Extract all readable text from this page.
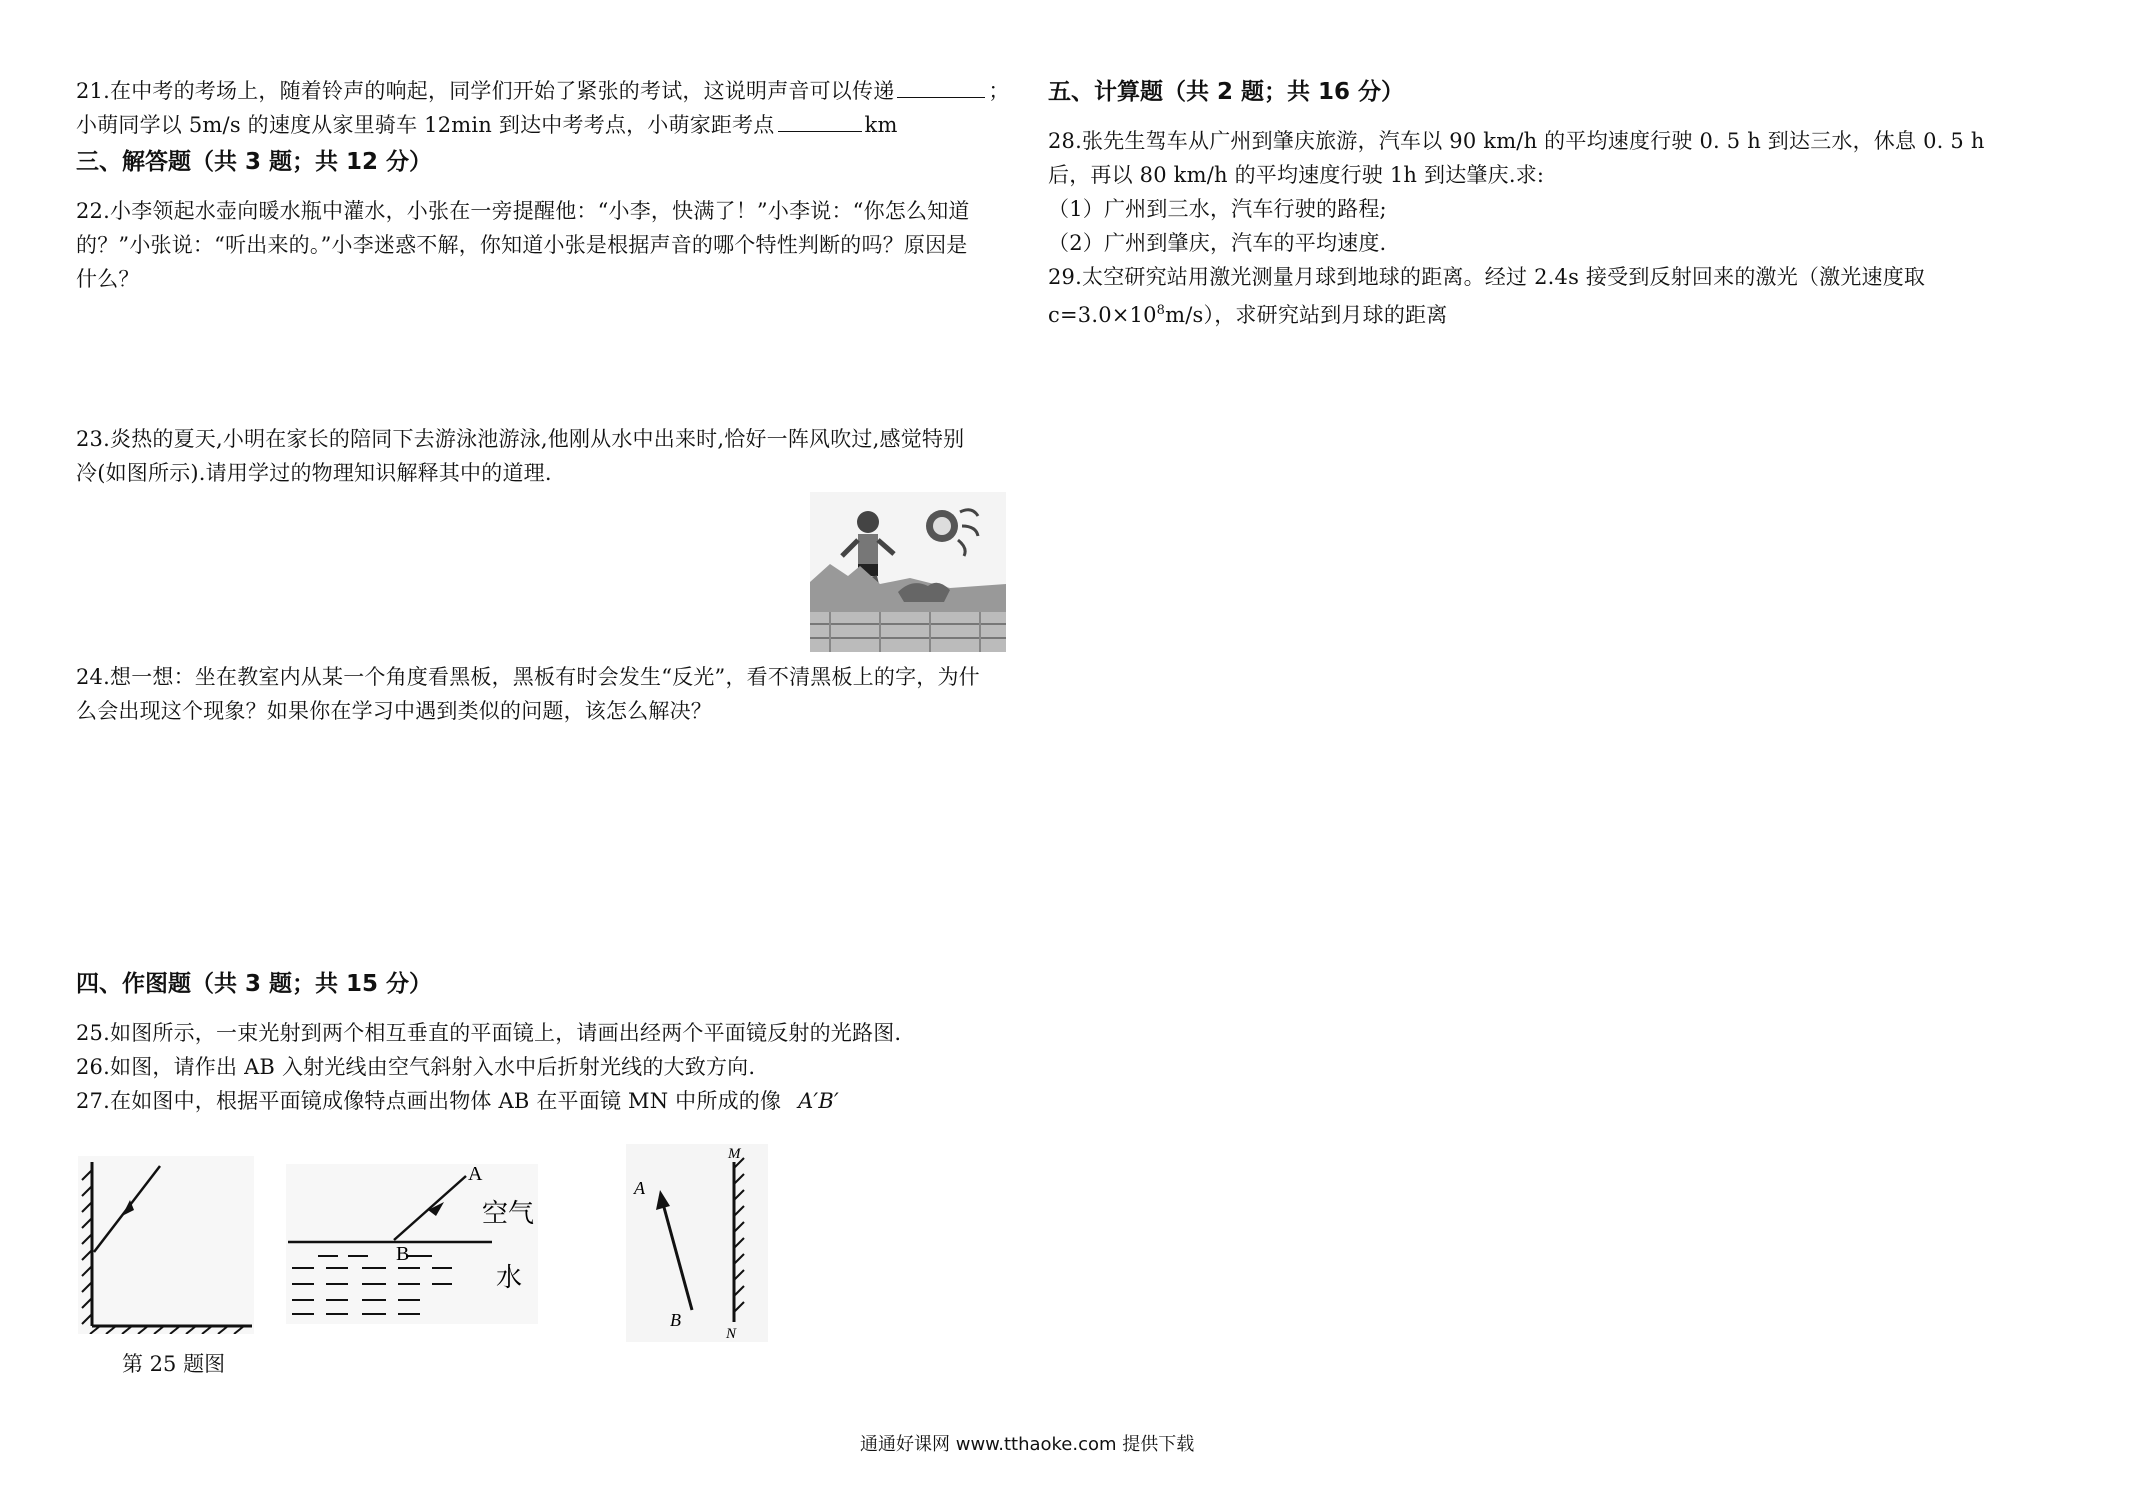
21.在中考的考场上，随着铃声的响起，同学们开始了紧张的考试，这说明声音可以传递	；
小萌同学以 5m/s 的速度从家里骑车 12min 到达中考考点，小萌家距考点	km
三、解答题（共 3 题；共 12 分）
22.小李领起水壶向暖水瓶中灌水，小张在一旁提醒他：“小李，快满了！”小李说：“你怎么知道
的？”小张说：“听出来的。”小李迷惑不解，你知道小张是根据声音的哪个特性判断的吗？原因是
什么？
23.炎热的夏天,小明在家长的陪同下去游泳池游泳,他刚从水中出来时,恰好一阵风吹过,感觉特别
冷(如图所示).请用学过的物理知识解释其中的道理.
24.想一想：坐在教室内从某一个角度看黑板，黑板有时会发生“反光”，看不清黑板上的字，为什
么会出现这个现象？如果你在学习中遇到类似的问题，该怎么解决？
四、作图题（共 3 题；共 15 分）
25.如图所示，一束光射到两个相互垂直的平面镜上，请画出经两个平面镜反射的光路图.
26.如图，请作出 AB 入射光线由空气斜射入水中后折射光线的大致方向.
27.在如图中，根据平面镜成像特点画出物体 AB 在平面镜 MN 中所成的像 A′B′
第 25 题图
A
B
空气
水
A
B
M
N
五、计算题（共 2 题；共 16 分）
28.张先生驾车从广州到肇庆旅游，汽车以 90 km/h 的平均速度行驶 0. 5 h 到达三水，休息 0. 5 h
后，再以 80 km/h 的平均速度行驶 1h 到达肇庆.求:
（1）广州到三水，汽车行驶的路程;
（2）广州到肇庆，汽车的平均速度.
29.太空研究站用激光测量月球到地球的距离。经过 2.4s 接受到反射回来的激光（激光速度取
$c=3.0\times 10^8m/s$），求研究站到月球的距离
通通好课网 www.tthaoke.com 提供下载
